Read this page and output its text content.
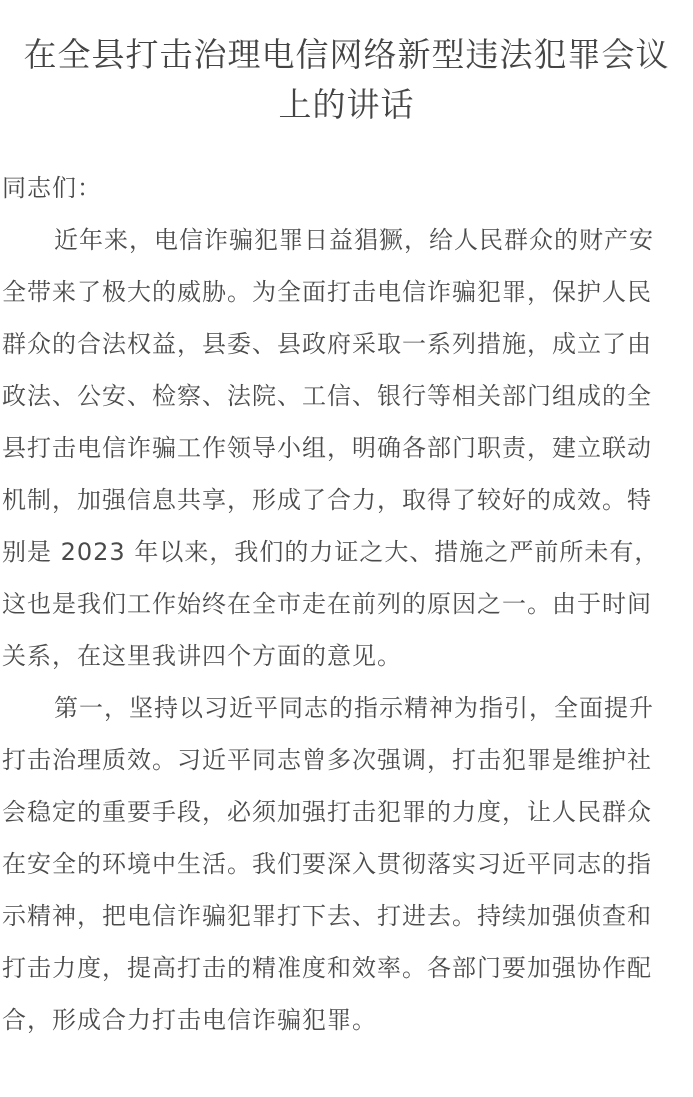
在全县打击治理电信网络新型违法犯罪会议
上的讲话

同志们：

近年来，电信诈骗犯罪日益猖獗，给人民群众的财产安
全带来了极大的威胁。为全面打击电信诈骗犯罪，保护人民
群众的合法权益，县委、县政府采取一系列措施，成立了由
政法、公安、检察、法院、工信、银行等相关部门组成的全
县打击电信诈骗工作领导小组，明确各部门职责，建立联动
机制，加强信息共享，形成了合力，取得了较好的成效。特
别是 2023 年以来，我们的力证之大、措施之严前所未有，
这也是我们工作始终在全市走在前列的原因之一。由于时间
关系，在这里我讲四个方面的意见。

第一，坚持以习近平同志的指示精神为指引，全面提升
打击治理质效。习近平同志曾多次强调，打击犯罪是维护社
会稳定的重要手段，必须加强打击犯罪的力度，让人民群众
在安全的环境中生活。我们要深入贯彻落实习近平同志的指
示精神，把电信诈骗犯罪打下去、打进去。持续加强侦查和
打击力度，提高打击的精准度和效率。各部门要加强协作配
合，形成合力打击电信诈骗犯罪。
